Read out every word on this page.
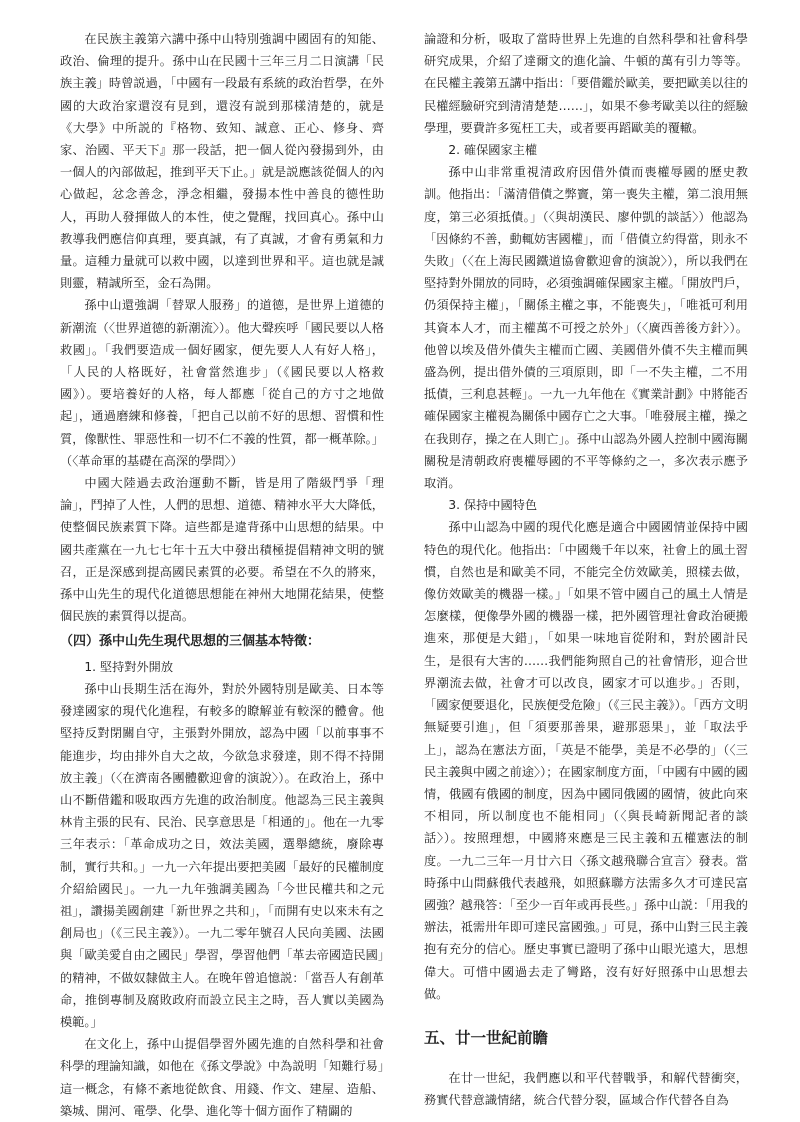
在民族主義第六講中孫中山特別強調中國固有的知能、政治、倫理的提升。孫中山在民國十三年三月二日演講「民族主義」時曾説過，「中國有一段最有系統的政治哲學，在外國的大政治家還沒有見到，還沒有説到那樣清楚的，就是《大學》中所説的『格物、致知、誠意、正心、修身、齊家、治國、平天下』那一段話，把一個人從內發揚到外，由一個人的內部做起，推到平天下止。」就是説應該從個人的內心做起，忿念善念，淨念相繼，發揚本性中善良的德性助人，再助人發揮做人的本性，使之覺醒，找回真心。孫中山教導我們應信仰真理，要真誠，有了真誠，才會有勇氣和力量。這種力量就可以救中國，以達到世界和平。這也就是誠則靈，精誠所至，金石為開。

孫中山還強調「替眾人服務」的道德，是世界上道德的新潮流（〈世界道德的新潮流〉）。他大聲疾呼「國民要以人格救國」。「我們要造成一個好國家，便先要人人有好人格」，「人民的人格既好，社會當然進步」（《國民要以人格救國》）。要培養好的人格，每人都應「從自己的方寸之地做起」，通過磨練和修養，「把自己以前不好的思想、習慣和性質，像獸性、罪惡性和一切不仁不義的性質，都一概革除。」（〈革命軍的基礎在高深的學問〉）

中國大陸過去政治運動不斷，皆是用了階級鬥爭「理論」，鬥掉了人性，人們的思想、道德、精神水平大大降低，使整個民族素質下降。這些都是違背孫中山思想的結果。中國共產黨在一九七七年十五大中發出積極提倡精神文明的號召，正是深感到提高國民素質的必要。希望在不久的將來，孫中山先生的現代化道德思想能在神州大地開花結果，使整個民族的素質得以提高。

（四）孫中山先生現代思想的三個基本特徵：

1. 堅持對外開放

孫中山長期生活在海外，對於外國特別是歐美、日本等發達國家的現代化進程，有較多的瞭解並有較深的體會。他堅持反對閉關自守，主張對外開放，認為中國「以前事事不能進步，均由排外自大之故，今欲急求發達，則不得不持開放主義」（〈在濟南各團體歡迎會的演說〉）。在政治上，孫中山不斷借鑑和吸取西方先進的政治制度。他認為三民主義與林肯主張的民有、民治、民享意思是「相通的」。他在一九零三年表示：「革命成功之日，效法美國，選舉總統，廢除專制，實行共和。」一九一六年提出要把美國「最好的民權制度介紹給國民」。一九一九年強調美國為「今世民權共和之元祖」，讚揚美國創建「新世界之共和」，「而開有史以來未有之創局也」（《三民主義》）。一九二零年號召人民向美國、法國與「歐美愛自由之國民」學習，學習他們「革去帝國造民國」的精神，不做奴隸做主人。在晚年曾追憶説：「當吾人有創革命，推倒專制及腐敗政府而設立民主之時，吾人實以美國為模範。」

在文化上，孫中山提倡學習外國先進的自然科學和社會科學的理論知識，如他在《孫文學說》中為説明「知難行易」這一概念，有條不紊地從飲食、用錢、作文、建屋、造船、築城、開河、電學、化學、進化等十個方面作了精闢的

論證和分析，吸取了當時世界上先進的自然科學和社會科學研究成果，介紹了達爾文的進化論、牛頓的萬有引力等等。在民權主義第五講中指出：「要借鑑於歐美，要把歐美以往的民權經驗研究到清清楚楚……」，如果不參考歐美以往的經驗學理，要費許多冤枉工夫，或者要再蹈歐美的覆轍。

2. 確保國家主權

孫中山非常重視清政府因借外債而喪權辱國的歷史教訓。他指出：「滿清借債之弊竇，第一喪失主權，第二浪用無度，第三必須抵債。」（〈與胡漢民、廖仲凱的談話〉）他認為「因條約不善，動輒妨害國權」，而「借債立約得當，則永不失敗」（〈在上海民國鐵道協會歡迎會的演說〉），所以我們在堅持對外開放的同時，必須強調確保國家主權。「開放門戶，仍須保持主權」，「關係主權之事，不能喪失」，「唯祗可利用其資本人才，而主權萬不可授之於外」（〈廣西善後方針〉）。他曾以埃及借外債失主權而亡國、美國借外債不失主權而興盛為例，提出借外債的三項原則，即「一不失主權，二不用抵債，三利息甚輕」。一九一九年他在《實業計劃》中將能否確保國家主權視為關係中國存亡之大事。「唯發展主權，操之在我則存，操之在人則亡」。孫中山認為外國人控制中國海關關稅是清朝政府喪權辱國的不平等條約之一，多次表示應予取消。

3. 保持中國特色

孫中山認為中國的現代化應是適合中國國情並保持中國特色的現代化。他指出：「中國幾千年以來，社會上的風土習慣，自然也是和歐美不同，不能完全仿效歐美，照樣去做，像仿效歐美的機器一樣。」「如果不管中國自己的風土人情是怎麼樣，便像學外國的機器一樣，把外國管理社會政治硬搬進來，那便是大錯」，「如果一味地盲從附和，對於國計民生，是很有大害的……我們能夠照自己的社會情形，迎合世界潮流去做，社會才可以改良，國家才可以進步。」否則，「國家便要退化，民族便受危險」（《三民主義》）。「西方文明無疑要引進」，但「須要那善果，避那惡果」，並「取法乎上」，認為在憲法方面，「英是不能學，美是不必學的」（〈三民主義與中國之前途〉）；在國家制度方面，「中國有中國的國情，俄國有俄國的制度，因為中國同俄國的國情，彼此向來不相同，所以制度也不能相同」（〈與長崎新聞記者的談話〉）。按照理想，中國將來應是三民主義和五權憲法的制度。一九二三年一月廿六日〈孫文越飛聯合宣言〉發表。當時孫中山問蘇俄代表越飛，如照蘇聯方法需多久才可達民富國強？越飛答：「至少一百年或再長些。」孫中山説：「用我的辦法，祗需卅年即可達民富國強。」可見，孫中山對三民主義抱有充分的信心。歷史事實已證明了孫中山眼光遠大，思想偉大。可惜中國過去走了彎路，沒有好好照孫中山思想去做。

五、廿一世紀前瞻

在廿一世紀，我們應以和平代替戰爭，和解代替衝突，務實代替意識情緒，統合代替分裂，區域合作代替各自為
